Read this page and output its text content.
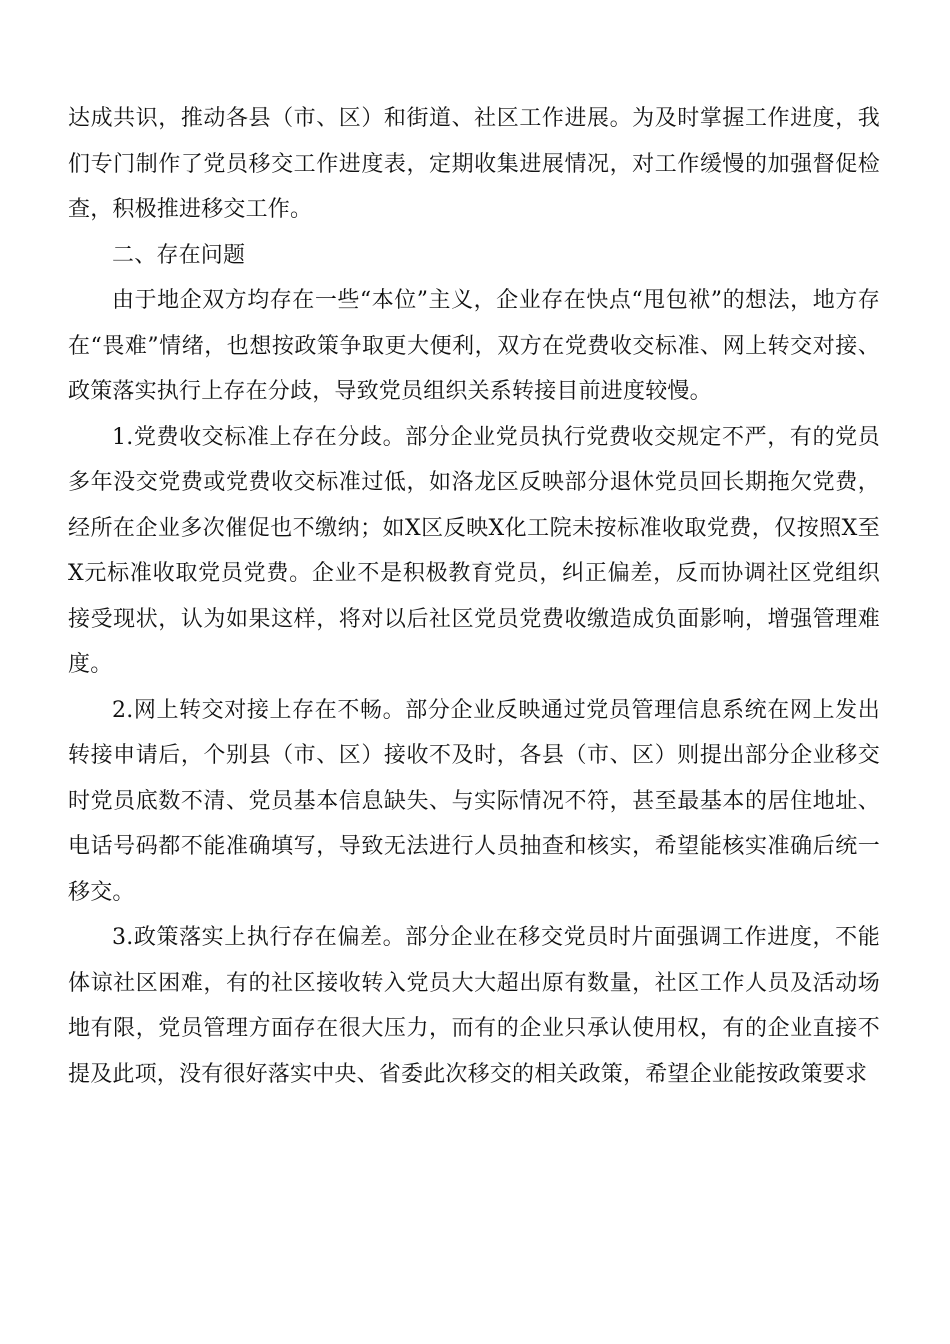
达成共识，推动各县（市、区）和街道、社区工作进展。为及时掌握工作进度，我们专门制作了党员移交工作进度表，定期收集进展情况，对工作缓慢的加强督促检查，积极推进移交工作。

二、存在问题

由于地企双方均存在一些“本位”主义，企业存在快点“甩包袱”的想法，地方存在“畏难”情绪，也想按政策争取更大便利，双方在党费收交标准、网上转交对接、政策落实执行上存在分歧，导致党员组织关系转接目前进度较慢。

1.党费收交标准上存在分歧。部分企业党员执行党费收交规定不严，有的党员多年没交党费或党费收交标准过低，如洛龙区反映部分退休党员回长期拖欠党费，经所在企业多次催促也不缴纳；如X区反映X化工院未按标准收取党费，仅按照X至X元标准收取党员党费。企业不是积极教育党员，纠正偏差，反而协调社区党组织接受现状，认为如果这样，将对以后社区党员党费收缴造成负面影响，增强管理难度。

2.网上转交对接上存在不畅。部分企业反映通过党员管理信息系统在网上发出转接申请后，个别县（市、区）接收不及时，各县（市、区）则提出部分企业移交时党员底数不清、党员基本信息缺失、与实际情况不符，甚至最基本的居住地址、电话号码都不能准确填写，导致无法进行人员抽查和核实，希望能核实准确后统一移交。

3.政策落实上执行存在偏差。部分企业在移交党员时片面强调工作进度，不能体谅社区困难，有的社区接收转入党员大大超出原有数量，社区工作人员及活动场地有限，党员管理方面存在很大压力，而有的企业只承认使用权，有的企业直接不提及此项，没有很好落实中央、省委此次移交的相关政策，希望企业能按政策要求
